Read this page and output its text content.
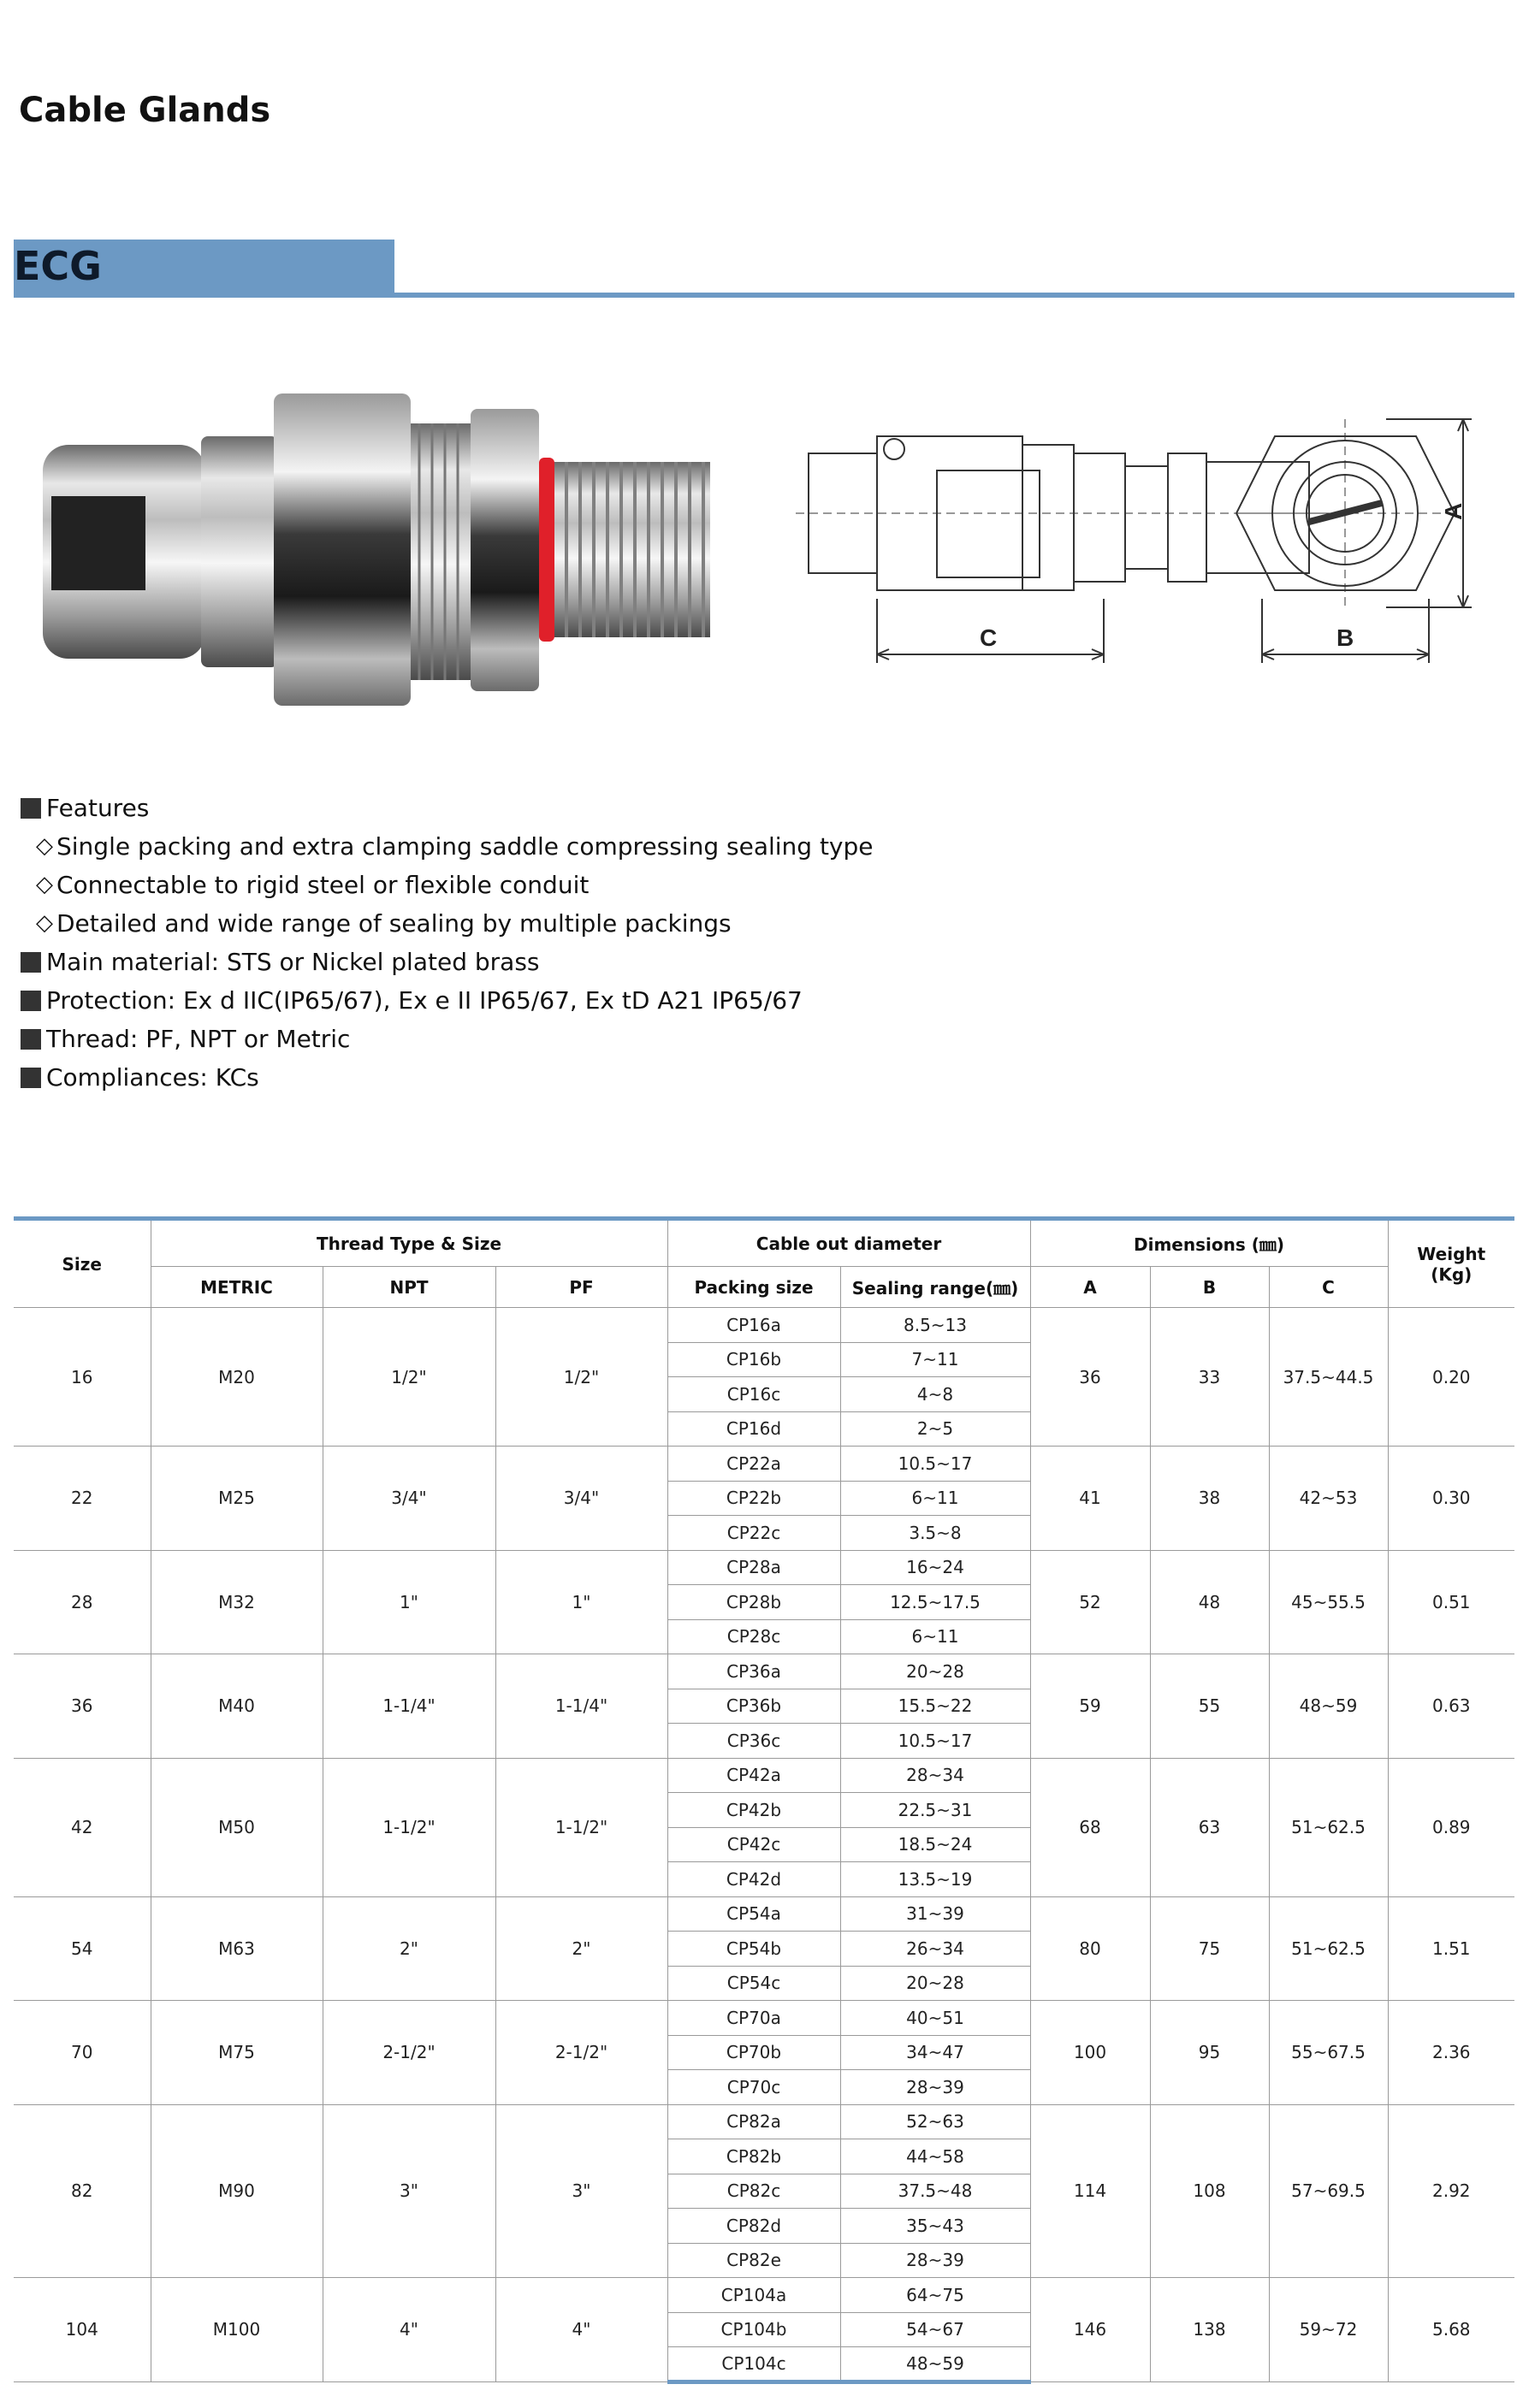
Cable Glands
ECG
C	B
A
Features
◇ Single packing and extra clamping saddle compressing sealing type
◇ Connectable to rigid steel or flexible conduit
◇ Detailed and wide range of sealing by multiple packings
Main material: STS or Nickel plated brass
Protection: Ex d IIC(IP65/67), Ex e II IP65/67, Ex tD A21 IP65/67
Thread: PF, NPT or Metric
Compliances: KCs
Size	Thread Type & Size			Cable out diameter		Dimensions (㎜)			Weight
(Kg)
	METRIC	NPT	PF	Packing size	Sealing range(㎜)	A	B	C	
16	M20	1/2"	1/2"	CP16a	8.5~13	36	33	37.5~44.5	0.20
				CP16b	7~11				
				CP16c	4~8				
				CP16d	2~5				
22	M25	3/4"	3/4"	CP22a	10.5~17	41	38	42~53	0.30
				CP22b	6~11				
				CP22c	3.5~8				
28	M32	1"	1"	CP28a	16~24	52	48	45~55.5	0.51
				CP28b	12.5~17.5				
				CP28c	6~11				
36	M40	1-1/4"	1-1/4"	CP36a	20~28	59	55	48~59	0.63
				CP36b	15.5~22				
				CP36c	10.5~17				
42	M50	1-1/2"	1-1/2"	CP42a	28~34	68	63	51~62.5	0.89
				CP42b	22.5~31				
				CP42c	18.5~24				
				CP42d	13.5~19				
54	M63	2"	2"	CP54a	31~39	80	75	51~62.5	1.51
				CP54b	26~34				
				CP54c	20~28				
70	M75	2-1/2"	2-1/2"	CP70a	40~51	100	95	55~67.5	2.36
				CP70b	34~47				
				CP70c	28~39				
82	M90	3"	3"	CP82a	52~63	114	108	57~69.5	2.92
				CP82b	44~58				
				CP82c	37.5~48				
				CP82d	35~43				
				CP82e	28~39				
104	M100	4"	4"	CP104a	64~75	146	138	59~72	5.68
				CP104b	54~67				
				CP104c	48~59				
